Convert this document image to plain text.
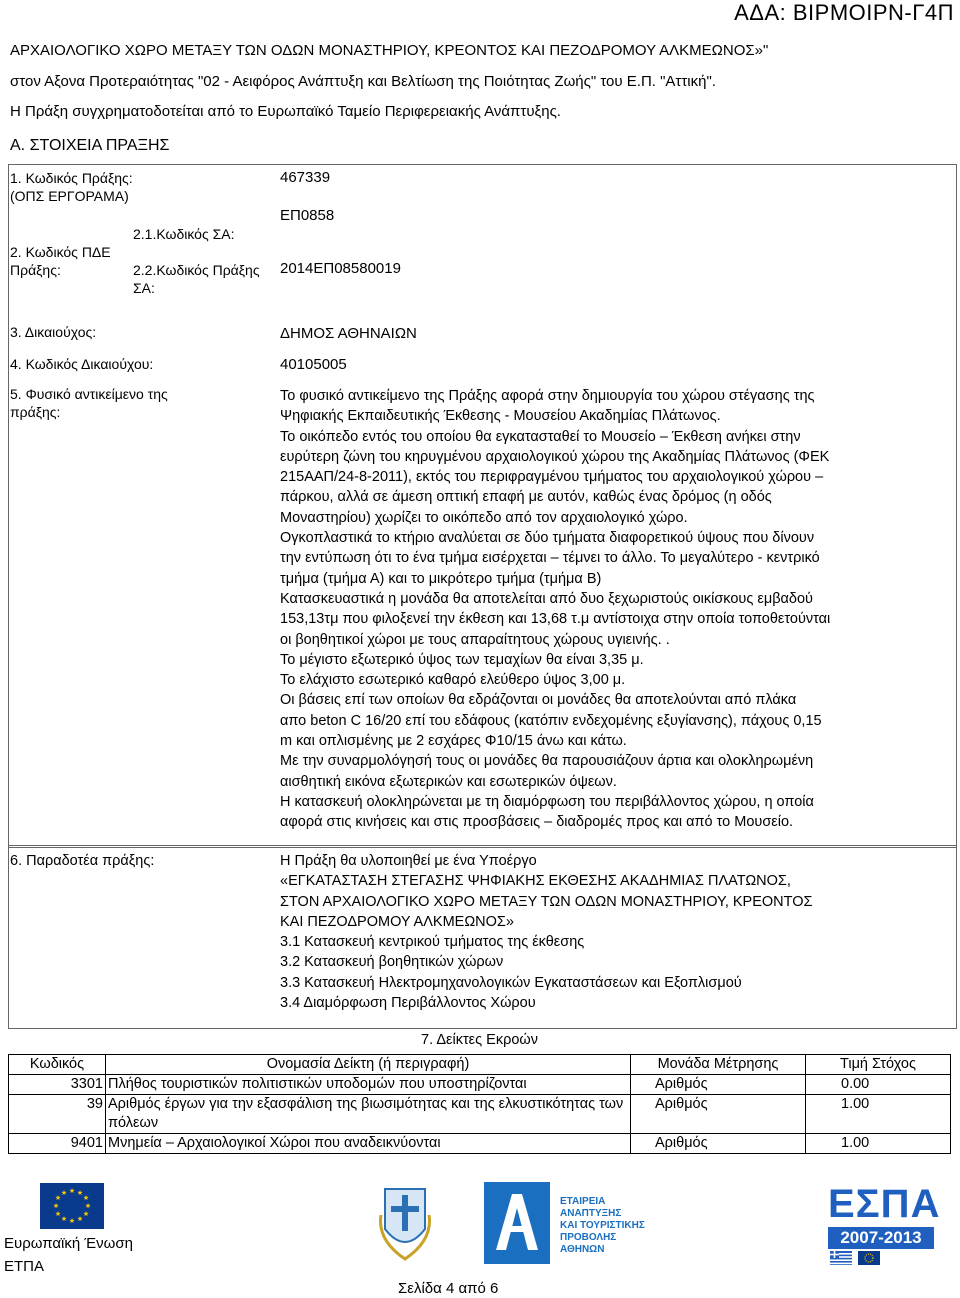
ΑΔΑ: ΒΙΡΜΟΙΡΝ-Γ4Π
ΑΡΧΑΙΟΛΟΓΙΚΟ ΧΩΡΟ ΜΕΤΑΞΥ ΤΩΝ ΟΔΩΝ ΜΟΝΑΣΤΗΡΙΟΥ, ΚΡΕΟΝΤΟΣ ΚΑΙ ΠΕΖΟΔΡΟΜΟΥ ΑΛΚΜΕΩΝΟΣ»"
στον Αξονα Προτεραιότητας "02 - Αειφόρος Ανάπτυξη και Βελτίωση της Ποιότητας Ζωής" του Ε.Π. "Αττική".
Η Πράξη συγχρηματοδοτείται από το Ευρωπαϊκό Ταμείο Περιφερειακής Ανάπτυξης.
Α. ΣΤΟΙΧΕΙΑ ΠΡΑΞΗΣ
1. Κωδικός Πράξης:
(ΟΠΣ ΕΡΓΟΡΑΜΑ)
467339
2. Κωδικός ΠΔΕ
Πράξης:
2.1.Κωδικός ΣΑ:
ΕΠ0858
2.2.Κωδικός Πράξης
ΣΑ:
2014ΕΠ08580019
3. Δικαιούχος:	ΔΗΜΟΣ ΑΘΗΝΑΙΩΝ
4. Κωδικός Δικαιούχου:	40105005
5. Φυσικό αντικείμενο της
πράξης:
Το φυσικό αντικείμενο της Πράξης αφορά στην δημιουργία του χώρου στέγασης της
Ψηφιακής Εκπαιδευτικής Έκθεσης - Μουσείου Ακαδημίας Πλάτωνος.
Το οικόπεδο εντός του οποίου θα εγκατασταθεί το Μουσείο – Έκθεση ανήκει στην
ευρύτερη ζώνη του κηρυγμένου αρχαιολογικού χώρου της Ακαδημίας Πλάτωνος (ΦΕΚ
215ΑΑΠ/24-8-2011), εκτός του περιφραγμένου τμήματος του αρχαιολογικού χώρου –
πάρκου, αλλά σε άμεση οπτική επαφή με αυτόν, καθώς ένας δρόμος (η οδός
Μοναστηρίου) χωρίζει το οικόπεδο από τον αρχαιολογικό χώρο.
Ογκοπλαστικά το κτήριο αναλύεται σε δύο τμήματα διαφορετικού ύψους που δίνουν
την εντύπωση ότι το ένα τμήμα εισέρχεται – τέμνει το άλλο. Το μεγαλύτερο - κεντρικό
τμήμα (τμήμα Α) και το μικρότερο τμήμα (τμήμα Β)
Κατασκευαστικά η μονάδα θα αποτελείται από δυο ξεχωριστούς οικίσκους εμβαδού
153,13τμ που φιλοξενεί την έκθεση και 13,68 τ.μ αντίστοιχα στην οποία τοποθετούνται
οι βοηθητικοί χώροι με τους απαραίτητους χώρους υγιεινής. .
Το μέγιστο εξωτερικό ύψος των τεμαχίων θα είναι 3,35 μ.
Το ελάχιστο εσωτερικό καθαρό ελεύθερο ύψος 3,00 μ.
Οι βάσεις επί των οποίων θα εδράζονται οι μονάδες θα αποτελούνται από πλάκα
απο beton C 16/20 επί του εδάφους (κατόπιν ενδεχομένης εξυγίανσης), πάχους 0,15
m και οπλισμένης με 2 εσχάρες Φ10/15 άνω και κάτω.
Με την συναρμολόγησή τους οι μονάδες θα παρουσιάζουν άρτια και ολοκληρωμένη
αισθητική εικόνα εξωτερικών και εσωτερικών όψεων.
Η κατασκευή ολοκληρώνεται με τη διαμόρφωση του περιβάλλοντος χώρου, η οποία
αφορά στις κινήσεις και στις προσβάσεις – διαδρομές προς και από το Μουσείο.
6. Παραδοτέα πράξης:	Η Πράξη θα υλοποιηθεί με ένα Υποέργο
«ΕΓΚΑΤΑΣΤΑΣΗ ΣΤΕΓΑΣΗΣ ΨΗΦΙΑΚΗΣ ΕΚΘΕΣΗΣ ΑΚΑΔΗΜΙΑΣ ΠΛΑΤΩΝΟΣ,
ΣΤΟΝ ΑΡΧΑΙΟΛΟΓΙΚΟ ΧΩΡΟ ΜΕΤΑΞΥ ΤΩΝ ΟΔΩΝ ΜΟΝΑΣΤΗΡΙΟΥ, ΚΡΕΟΝΤΟΣ
ΚΑΙ ΠΕΖΟΔΡΟΜΟΥ ΑΛΚΜΕΩΝΟΣ»
3.1 Κατασκευή κεντρικού τμήματος της έκθεσης
3.2 Κατασκευή βοηθητικών χώρων
3.3 Κατασκευή Ηλεκτρομηχανολογικών Εγκαταστάσεων και Εξοπλισμού
3.4 Διαμόρφωση Περιβάλλοντος Χώρου
7. Δείκτες Εκροών			
Κωδικός	Ονομασία Δείκτη (ή περιγραφή)	Μονάδα Μέτρησης	Τιμή Στόχος
3301	Πλήθος τουριστικών πολιτιστικών υποδομών που υποστηρίζονται	Αριθμός	0.00
39	Αριθμός έργων για την εξασφάλιση της βιωσιμότητας και της ελκυστικότητας των πόλεων	Αριθμός	1.00
9401	Μνημεία – Αρχαιολογικοί Χώροι που αναδεικνύονται	Αριθμός	1.00
★ ★
★
★
★
★
★
★
★
★
★
★
Ευρωπαϊκή Ένωση
ΕΤΠΑ
Σελίδα 4 από 6
ΕΤΑΙΡΕΙΑ
ΑΝΑΠΤΥΞΗΣ
ΚΑΙ ΤΟΥΡΙΣΤΙΚΗΣ
ΠΡΟΒΟΛΗΣ
ΑΘΗΝΩΝ
ΕΣΠΑ
2007-2013
